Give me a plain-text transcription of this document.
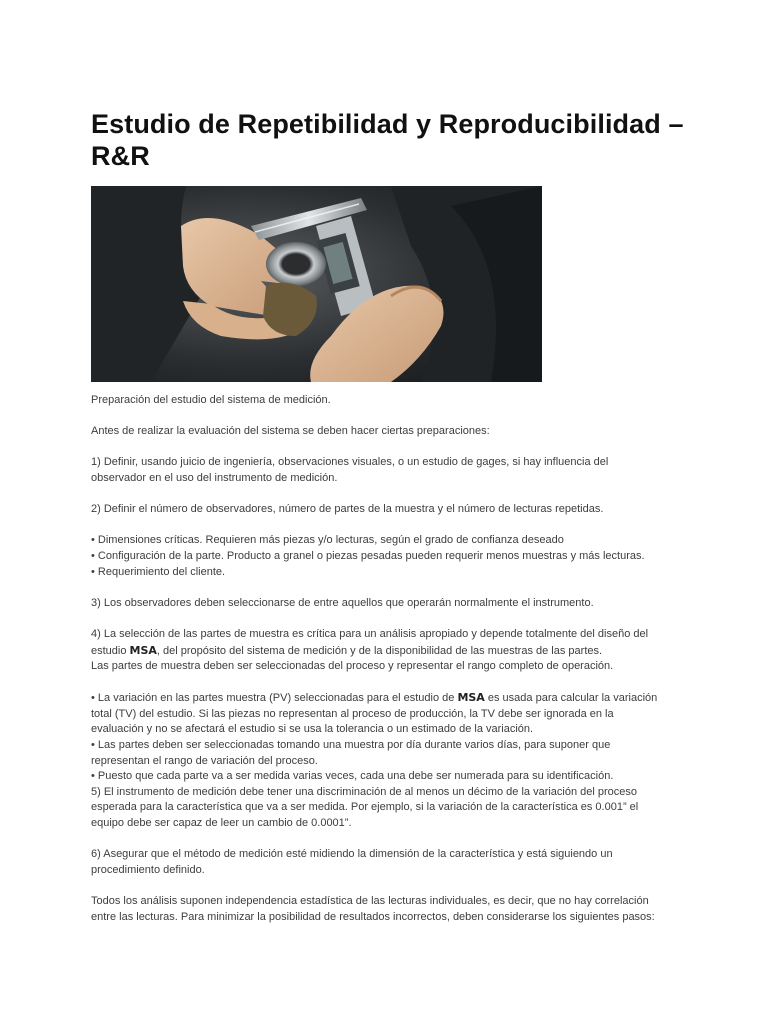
Estudio de Repetibilidad y Reproducibilidad –
R&R

Preparación del estudio del sistema de medición.

Antes de realizar la evaluación del sistema se deben hacer ciertas preparaciones:

1) Definir, usando juicio de ingeniería, observaciones visuales, o un estudio de gages, si hay influencia del
observador en el uso del instrumento de medición.

2) Definir el número de observadores, número de partes de la muestra y el número de lecturas repetidas.

• Dimensiones críticas. Requieren más piezas y/o lecturas, según el grado de confianza deseado
• Configuración de la parte. Producto a granel o piezas pesadas pueden requerir menos muestras y más lecturas.
• Requerimiento del cliente.

3) Los observadores deben seleccionarse de entre aquellos que operarán normalmente el instrumento.

4) La selección de las partes de muestra es crítica para un análisis apropiado y depende totalmente del diseño del
estudio MSA, del propósito del sistema de medición y de la disponibilidad de las muestras de las partes.
Las partes de muestra deben ser seleccionadas del proceso y representar el rango completo de operación.

• La variación en las partes muestra (PV) seleccionadas para el estudio de MSA es usada para calcular la variación
total (TV) del estudio. Si las piezas no representan al proceso de producción, la TV debe ser ignorada en la
evaluación y no se afectará el estudio si se usa la tolerancia o un estimado de la variación.
• Las partes deben ser seleccionadas tomando una muestra por día durante varios días, para suponer que
representan el rango de variación del proceso.
• Puesto que cada parte va a ser medida varias veces, cada una debe ser numerada para su identificación.
5) El instrumento de medición debe tener una discriminación de al menos un décimo de la variación del proceso
esperada para la característica que va a ser medida. Por ejemplo, si la variación de la característica es 0.001” el
equipo debe ser capaz de leer un cambio de 0.0001”.

6) Asegurar que el método de medición esté midiendo la dimensión de la característica y está siguiendo un
procedimiento definido.

Todos los análisis suponen independencia estadística de las lecturas individuales, es decir, que no hay correlación
entre las lecturas. Para minimizar la posibilidad de resultados incorrectos, deben considerarse los siguientes pasos:
